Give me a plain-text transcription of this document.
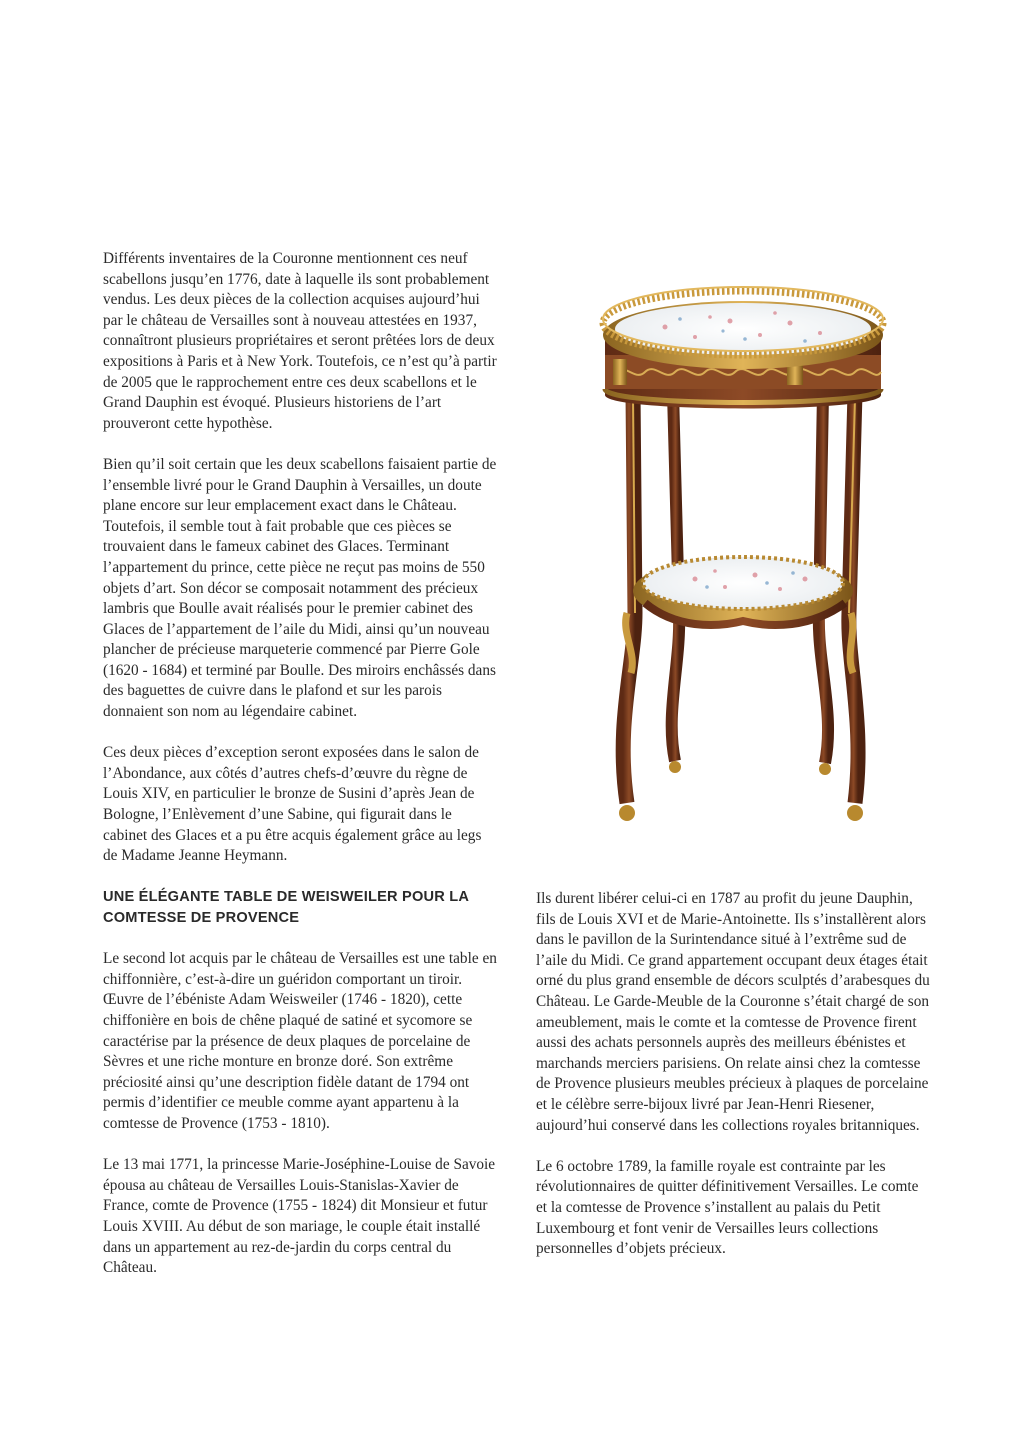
Différents inventaires de la Couronne mentionnent ces neuf scabellons jusqu’en 1776, date à laquelle ils sont probablement vendus. Les deux pièces de la collection acquises aujourd’hui par le château de Versailles sont à nouveau attestées en 1937, connaîtront plusieurs propriétaires et seront prêtées lors de deux expositions à Paris et à New York. Toutefois, ce n’est qu’à partir de 2005 que le rapprochement entre ces deux scabellons et le Grand Dauphin est évoqué. Plusieurs historiens de l’art prouveront cette hypothèse.

Bien qu’il soit certain que les deux scabellons faisaient partie de l’ensemble livré pour le Grand Dauphin à Versailles, un doute plane encore sur leur emplacement exact dans le Château. Toutefois, il semble tout à fait probable que ces pièces se trouvaient dans le fameux cabinet des Glaces. Terminant l’appartement du prince, cette pièce ne reçut pas moins de 550 objets d’art. Son décor se composait notamment des précieux lambris que Boulle avait réalisés pour le premier cabinet des Glaces de l’appartement de l’aile du Midi, ainsi qu’un nouveau plancher de précieuse marqueterie commencé par Pierre Gole (1620 - 1684) et terminé par Boulle. Des miroirs enchâssés dans des baguettes de cuivre dans le plafond et sur les parois donnaient son nom au légendaire cabinet.

Ces deux pièces d’exception seront exposées dans le salon de l’Abondance, aux côtés d’autres chefs-d’œuvre du règne de Louis XIV, en particulier le bronze de Susini d’après Jean de Bologne, l’Enlèvement d’une Sabine, qui figurait dans le cabinet des Glaces et a pu être acquis également grâce au legs de Madame Jeanne Heymann.

UNE ÉLÉGANTE TABLE DE WEISWEILER POUR LA COMTESSE DE PROVENCE

Le second lot acquis par le château de Versailles est une table en chiffonnière, c’est-à-dire un guéridon comportant un tiroir. Œuvre de l’ébéniste Adam Weisweiler (1746 - 1820), cette chiffonière en bois de chêne plaqué de satiné et sycomore se caractérise par la présence de deux plaques de porcelaine de Sèvres et une riche monture en bronze doré. Son extrême préciosité ainsi qu’une description fidèle datant de 1794 ont permis d’identifier ce meuble comme ayant appartenu à la comtesse de Provence (1753 - 1810).

Le 13 mai 1771, la princesse Marie-Joséphine-Louise de Savoie épousa au château de Versailles Louis-Stanislas-Xavier de France, comte de Provence (1755 - 1824) dit Monsieur et futur Louis XVIII. Au début de son mariage, le couple était installé dans un appartement au rez-de-jardin du corps central du Château.

Ils durent libérer celui-ci en 1787 au profit du jeune Dauphin, fils de Louis XVI et de Marie-Antoinette. Ils s’installèrent alors dans le pavillon de la Surintendance situé à l’extrême sud de l’aile du Midi. Ce grand appartement occupant deux étages était orné du plus grand ensemble de décors sculptés d’arabesques du Château. Le Garde-Meuble de la Couronne s’était chargé de son ameublement, mais le comte et la comtesse de Provence firent aussi des achats personnels auprès des meilleurs ébénistes et marchands merciers parisiens. On relate ainsi chez la comtesse de Provence plusieurs meubles précieux à plaques de porcelaine et le célèbre serre-bijoux livré par Jean-Henri Riesener, aujourd’hui conservé dans les collections royales britanniques.

Le 6 octobre 1789, la famille royale est contrainte par les révolutionnaires de quitter définitivement Versailles. Le comte et la comtesse de Provence s’installent au palais du Petit Luxembourg et font venir de Versailles leurs collections personnelles d’objets précieux.
